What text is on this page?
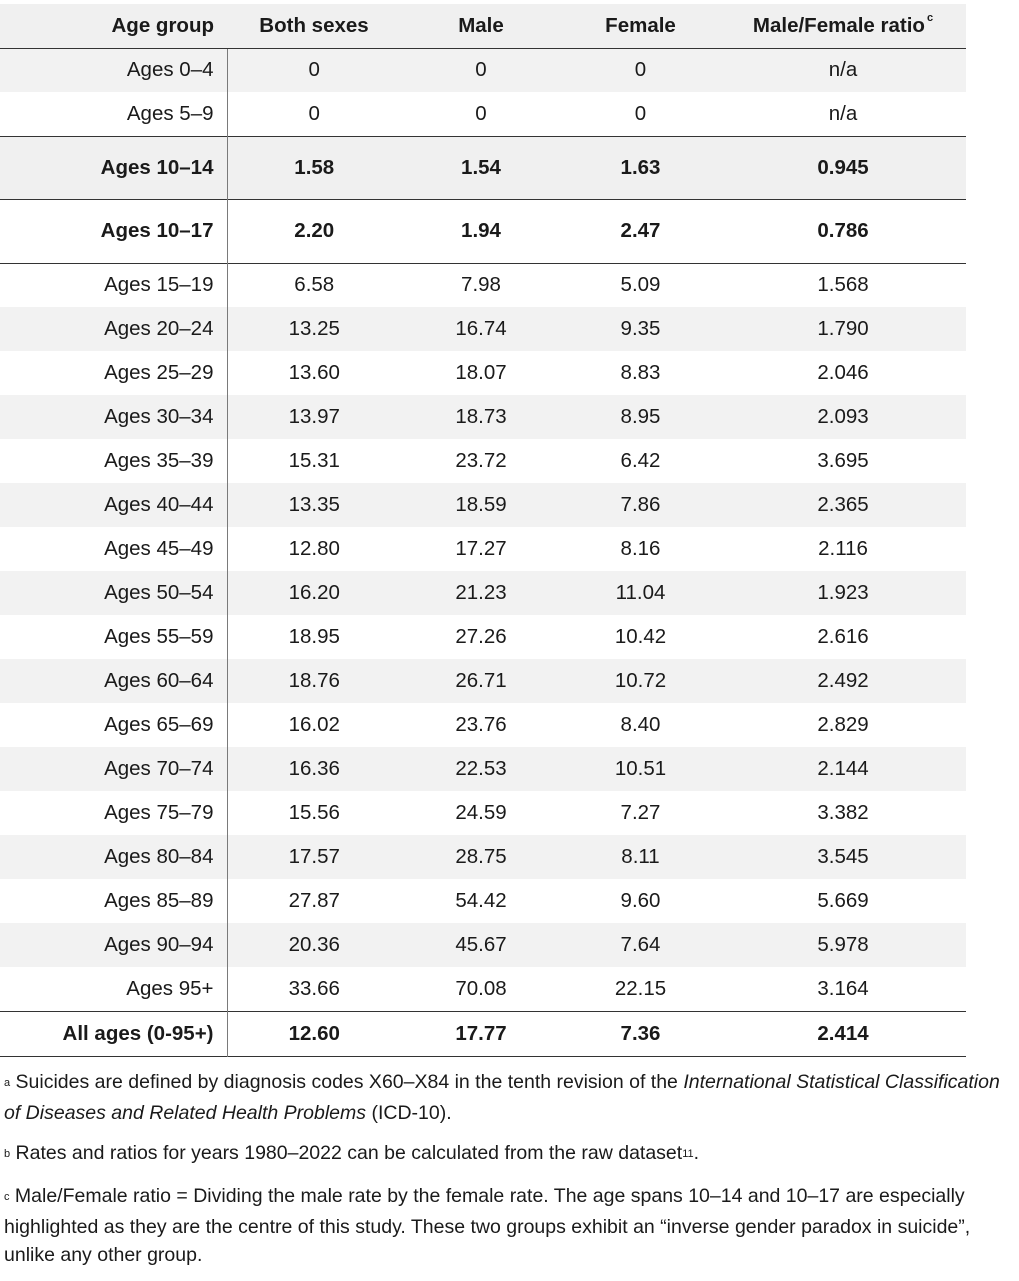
Age group	Both sexes	Male	Female	Male/Female ratio $^c$
Ages 0–4	0	0	0	n/a
Ages 5–9	0	0	0	n/a
Ages 10–14	1.58	1.54	1.63	0.945
Ages 10–17	2.20	1.94	2.47	0.786
Ages 15–19	6.58	7.98	5.09	1.568
Ages 20–24	13.25	16.74	9.35	1.790
Ages 25–29	13.60	18.07	8.83	2.046
Ages 30–34	13.97	18.73	8.95	2.093
Ages 35–39	15.31	23.72	6.42	3.695
Ages 40–44	13.35	18.59	7.86	2.365
Ages 45–49	12.80	17.27	8.16	2.116
Ages 50–54	16.20	21.23	11.04	1.923
Ages 55–59	18.95	27.26	10.42	2.616
Ages 60–64	18.76	26.71	10.72	2.492
Ages 65–69	16.02	23.76	8.40	2.829
Ages 70–74	16.36	22.53	10.51	2.144
Ages 75–79	15.56	24.59	7.27	3.382
Ages 80–84	17.57	28.75	8.11	3.545
Ages 85–89	27.87	54.42	9.60	5.669
Ages 90–94	20.36	45.67	7.64	5.978
Ages 95+	33.66	70.08	22.15	3.164
All ages (0-95+)	12.60	17.77	7.36	2.414

$^a$ Suicides are defined by diagnosis codes X60–X84 in the tenth revision of the International Statistical Classification of Diseases and Related Health Problems (ICD-10).

$^b$ Rates and ratios for years 1980–2022 can be calculated from the raw dataset$^{11}$.

$^c$ Male/Female ratio = Dividing the male rate by the female rate. The age spans 10–14 and 10–17 are especially highlighted as they are the centre of this study. These two groups exhibit an “inverse gender paradox in suicide”, unlike any other group.
